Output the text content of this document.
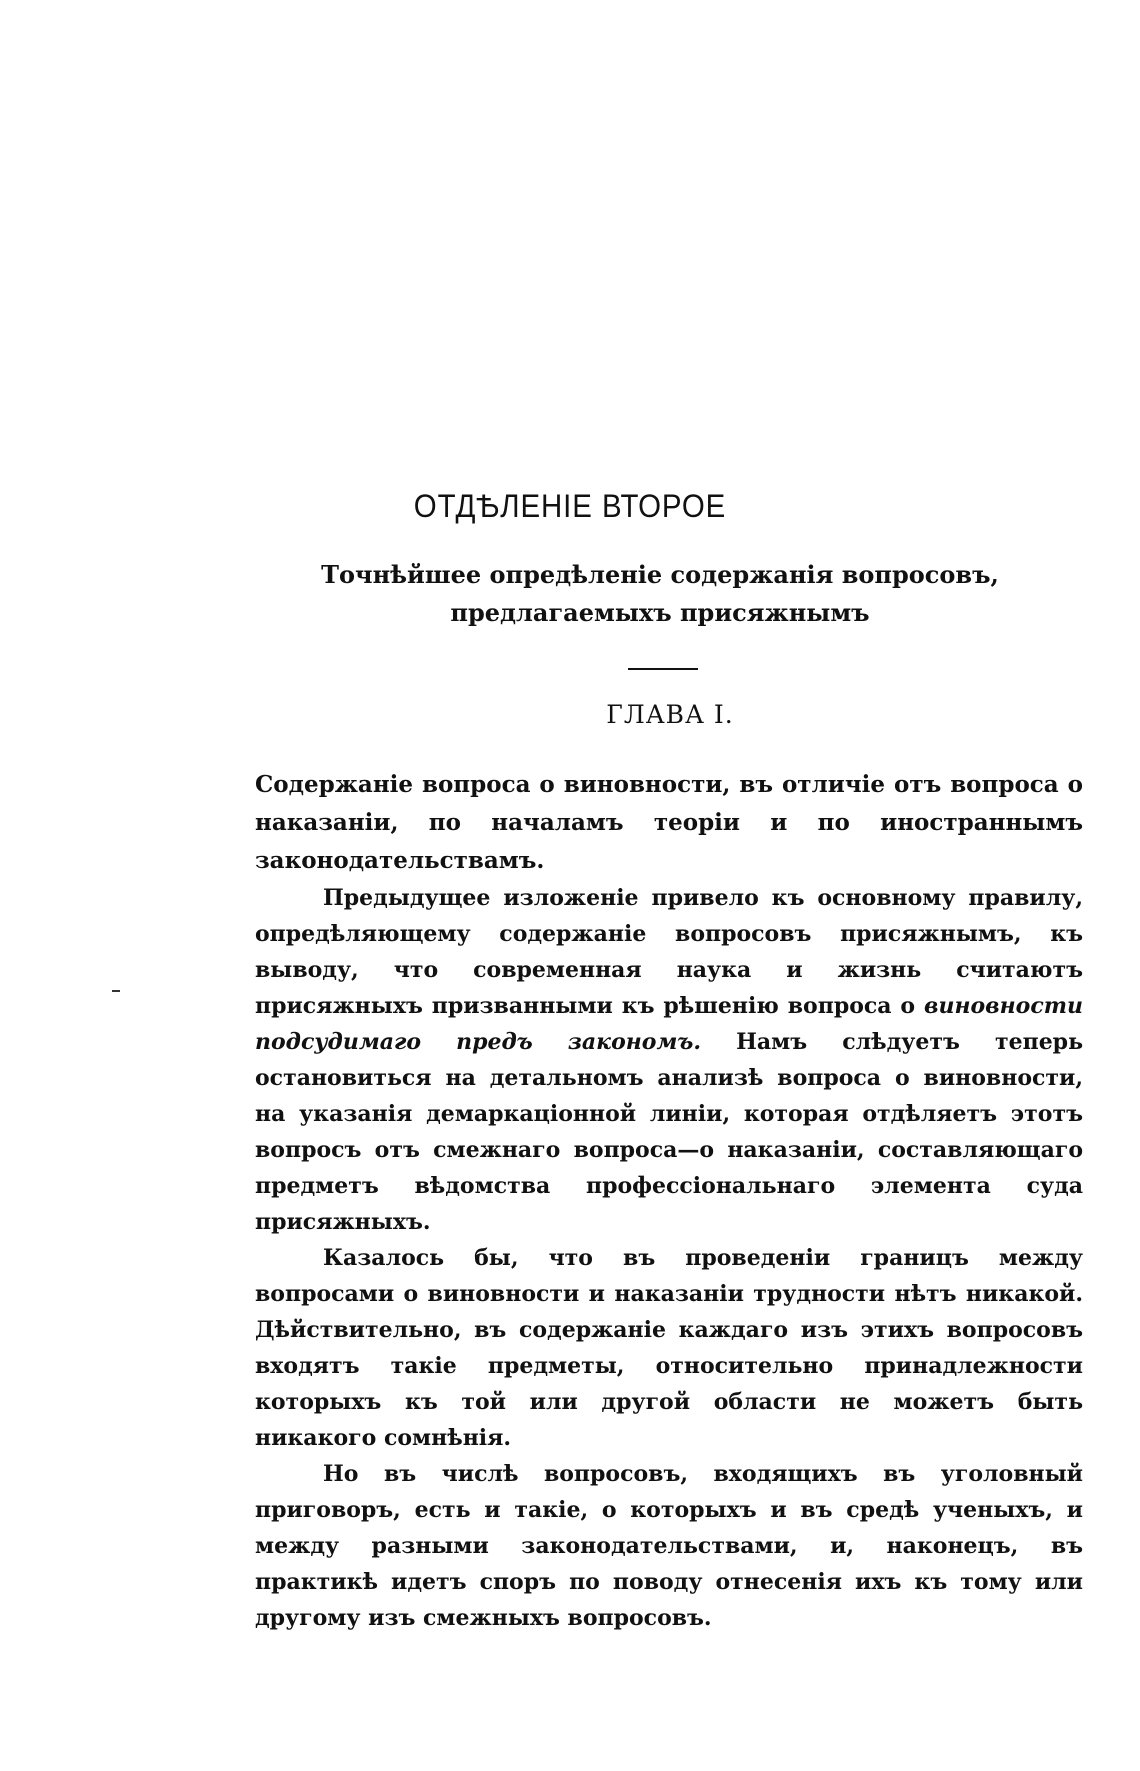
ОТДѢЛЕНІЕ ВТОРОЕ
Точнѣйшее опредѣленіе содержанія вопросовъ, предлагаемыхъ присяжнымъ
ГЛАВА І.
Содержаніе вопроса о виновности, въ отличіе отъ вопроса о наказаніи, по началамъ теоріи и по иностраннымъ законодательствамъ.

Предыдущее изложеніе привело къ основному правилу, опредѣляющему содержаніе вопросовъ присяжнымъ, къ выводу, что современная наука и жизнь считаютъ присяжныхъ призванными къ рѣшенію вопроса о виновности подсудимаго предъ закономъ. Намъ слѣдуетъ теперь остановиться на детальномъ анализѣ вопроса о виновности, на указанія демаркаціонной линіи, которая отдѣляетъ этотъ вопросъ отъ смежнаго вопроса—о наказаніи, составляющаго предметъ вѣдомства профессіональнаго элемента суда присяжныхъ.

Казалось бы, что въ проведеніи границъ между вопросами о виновности и наказаніи трудности нѣтъ никакой. Дѣйствительно, въ содержаніе каждаго изъ этихъ вопросовъ входятъ такіе предметы, относительно принадлежности которыхъ къ той или другой области не можетъ быть никакого сомнѣнія.

Но въ числѣ вопросовъ, входящихъ въ уголовный приговоръ, есть и такіе, о которыхъ и въ средѣ ученыхъ, и между разными законодательствами, и, наконецъ, въ практикѣ идетъ споръ по поводу отнесенія ихъ къ тому или другому изъ смежныхъ вопросовъ.
